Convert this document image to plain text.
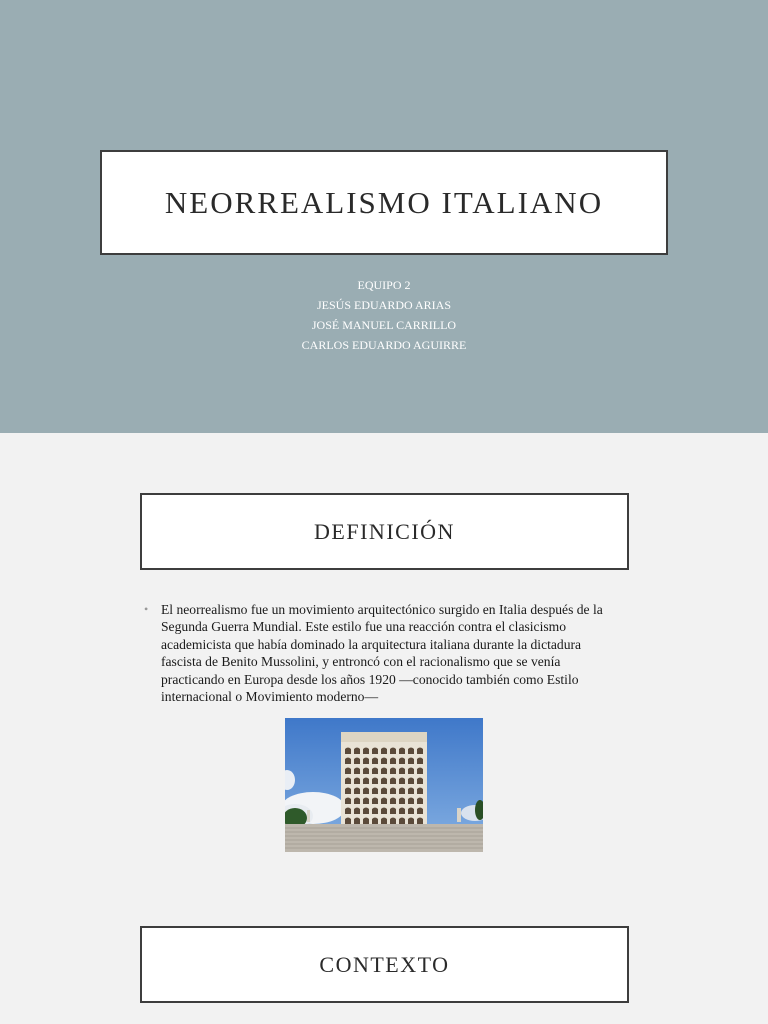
NEORREALISMO ITALIANO
EQUIPO 2
JESÚS EDUARDO ARIAS
JOSÉ MANUEL CARRILLO
CARLOS EDUARDO AGUIRRE
DEFINICIÓN
• El neorrealismo fue un movimiento arquitectónico surgido en Italia después de la Segunda Guerra Mundial. Este estilo fue una reacción contra el clasicismo academicista que había dominado la arquitectura italiana durante la dictadura fascista de Benito Mussolini, y entroncó con el racionalismo que se venía practicando en Europa desde los años 1920 —conocido también como Estilo internacional o Movimiento moderno—
CONTEXTO
